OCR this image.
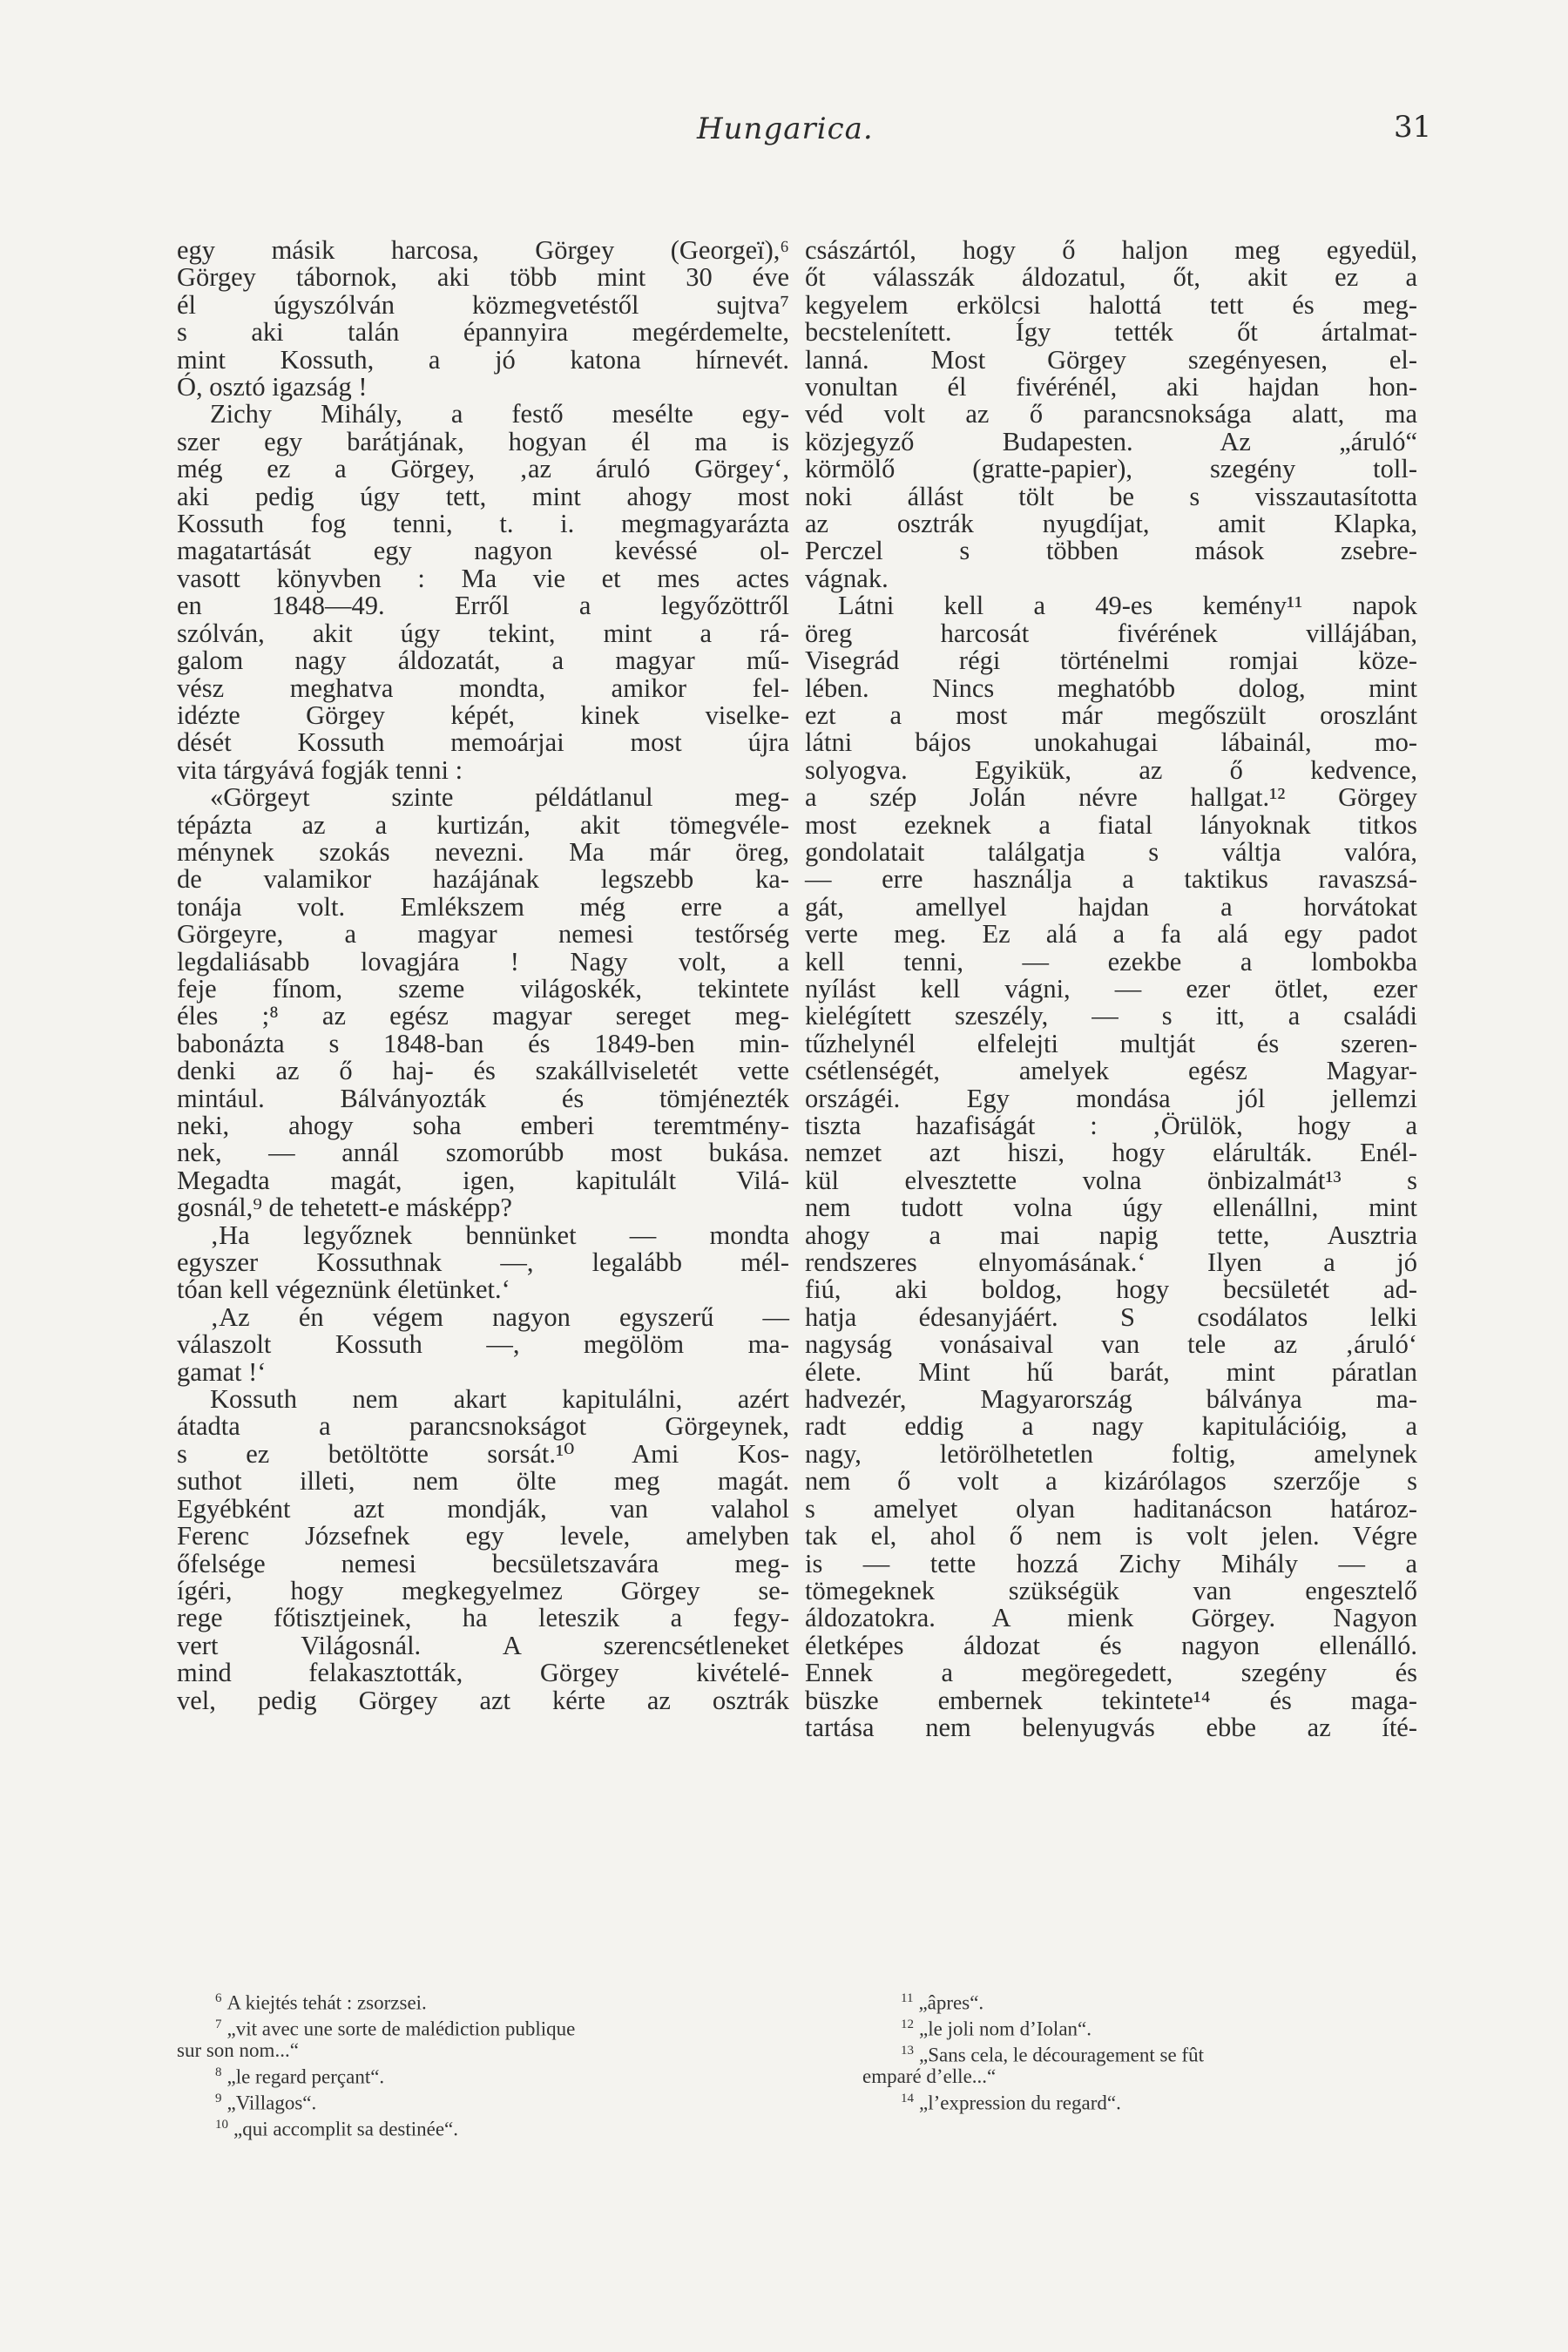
Hungarica.	31
egy másik harcosa, Görgey (Georgeï),⁶
Görgey tábornok, aki több mint 30 éve
él úgyszólván közmegvetéstől sujtva⁷
s aki talán épannyira megérdemelte,
mint Kossuth, a jó katona hírnevét.
Ó, osztó igazság !
Zichy Mihály, a festő mesélte egy-
szer egy barátjának, hogyan él ma is
még ez a Görgey, ‚az áruló Görgey‘,
aki pedig úgy tett, mint ahogy most
Kossuth fog tenni, t. i. megmagyarázta
magatartását egy nagyon kevéssé ol-
vasott könyvben : Ma vie et mes actes
en 1848—49. Erről a legyőzöttről
szólván, akit úgy tekint, mint a rá-
galom nagy áldozatát, a magyar mű-
vész meghatva mondta, amikor fel-
idézte Görgey képét, kinek viselke-
dését Kossuth memoárjai most újra
vita tárgyává fogják tenni :
«Görgeyt szinte példátlanul meg-
tépázta az a kurtizán, akit tömegvéle-
ménynek szokás nevezni. Ma már öreg,
de valamikor hazájának legszebb ka-
tonája volt. Emlékszem még erre a
Görgeyre, a magyar nemesi testőrség
legdaliásabb lovagjára ! Nagy volt, a
feje fínom, szeme világoskék, tekintete
éles ;⁸ az egész magyar sereget meg-
babonázta s 1848-ban és 1849-ben min-
denki az ő haj- és szakállviseletét vette
mintául. Bálványozták és tömjénezték
neki, ahogy soha emberi teremtmény-
nek, — annál szomorúbb most bukása.
Megadta magát, igen, kapitulált Vilá-
gosnál,⁹ de tehetett-e másképp?
‚Ha legyőznek bennünket — mondta
egyszer Kossuthnak —, legalább mél-
tóan kell végeznünk életünket.‘
‚Az én végem nagyon egyszerű —
válaszolt Kossuth —, megölöm ma-
gamat !‘
Kossuth nem akart kapitulálni, azért
átadta a parancsnokságot Görgeynek,
s ez betöltötte sorsát.¹⁰ Ami Kos-
suthot illeti, nem ölte meg magát.
Egyébként azt mondják, van valahol
Ferenc Józsefnek egy levele, amelyben
őfelsége nemesi becsületszavára meg-
ígéri, hogy megkegyelmez Görgey se-
rege főtisztjeinek, ha leteszik a fegy-
vert Világosnál. A szerencsétleneket
mind felakasztották, Görgey kivételé-
vel, pedig Görgey azt kérte az osztrák
császártól, hogy ő haljon meg egyedül,
őt válasszák áldozatul, őt, akit ez a
kegyelem erkölcsi halottá tett és meg-
becstelenített. Így tették őt ártalmat-
lanná. Most Görgey szegényesen, el-
vonultan él fivérénél, aki hajdan hon-
véd volt az ő parancsnoksága alatt, ma
közjegyző Budapesten. Az „áruló“
körmölő (gratte-papier), szegény toll-
noki állást tölt be s visszautasította
az osztrák nyugdíjat, amit Klapka,
Perczel s többen mások zsebre-
vágnak.
Látni kell a 49-es kemény¹¹ napok
öreg harcosát fivérének villájában,
Visegrád régi történelmi romjai köze-
lében. Nincs meghatóbb dolog, mint
ezt a most már megőszült oroszlánt
látni bájos unokahugai lábainál, mo-
solyogva. Egyikük, az ő kedvence,
a szép Jolán névre hallgat.¹² Görgey
most ezeknek a fiatal lányoknak titkos
gondolatait találgatja s váltja valóra,
— erre használja a taktikus ravaszsá-
gát, amellyel hajdan a horvátokat
verte meg. Ez alá a fa alá egy padot
kell tenni, — ezekbe a lombokba
nyílást kell vágni, — ezer ötlet, ezer
kielégített szeszély, — s itt, a családi
tűzhelynél elfelejti multját és szeren-
csétlenségét, amelyek egész Magyar-
országéi. Egy mondása jól jellemzi
tiszta hazafiságát : ‚Örülök, hogy a
nemzet azt hiszi, hogy elárulták. Enél-
kül elvesztette volna önbizalmát¹³ s
nem tudott volna úgy ellenállni, mint
ahogy a mai napig tette, Ausztria
rendszeres elnyomásának.‘ Ilyen a jó
fiú, aki boldog, hogy becsületét ad-
hatja édesanyjáért. S csodálatos lelki
nagyság vonásaival van tele az ‚áruló‘
élete. Mint hű barát, mint páratlan
hadvezér, Magyarország bálványa ma-
radt eddig a nagy kapitulációig, a
nagy, letörölhetetlen foltig, amelynek
nem ő volt a kizárólagos szerzője s
s amelyet olyan haditanácson határoz-
tak el, ahol ő nem is volt jelen. Végre
is — tette hozzá Zichy Mihály — a
tömegeknek szükségük van engesztelő
áldozatokra. A mienk Görgey. Nagyon
életképes áldozat és nagyon ellenálló.
Ennek a megöregedett, szegény és
büszke embernek tekintete¹⁴ és maga-
tartása nem belenyugvás ebbe az íté-
$^6$ A kiejtés tehát : zsorzsei.
$^7$ „vit avec une sorte de malédiction publique
sur son nom...“
$^8$ „le regard perçant“.
$^9$ „Villagos“.
$^{10}$ „qui accomplit sa destinée“.
$^{11}$ „âpres“.
$^{12}$ „le joli nom d’Iolan“.
$^{13}$ „Sans cela, le découragement se fût
emparé d’elle...“
$^{14}$ „l’expression du regard“.
